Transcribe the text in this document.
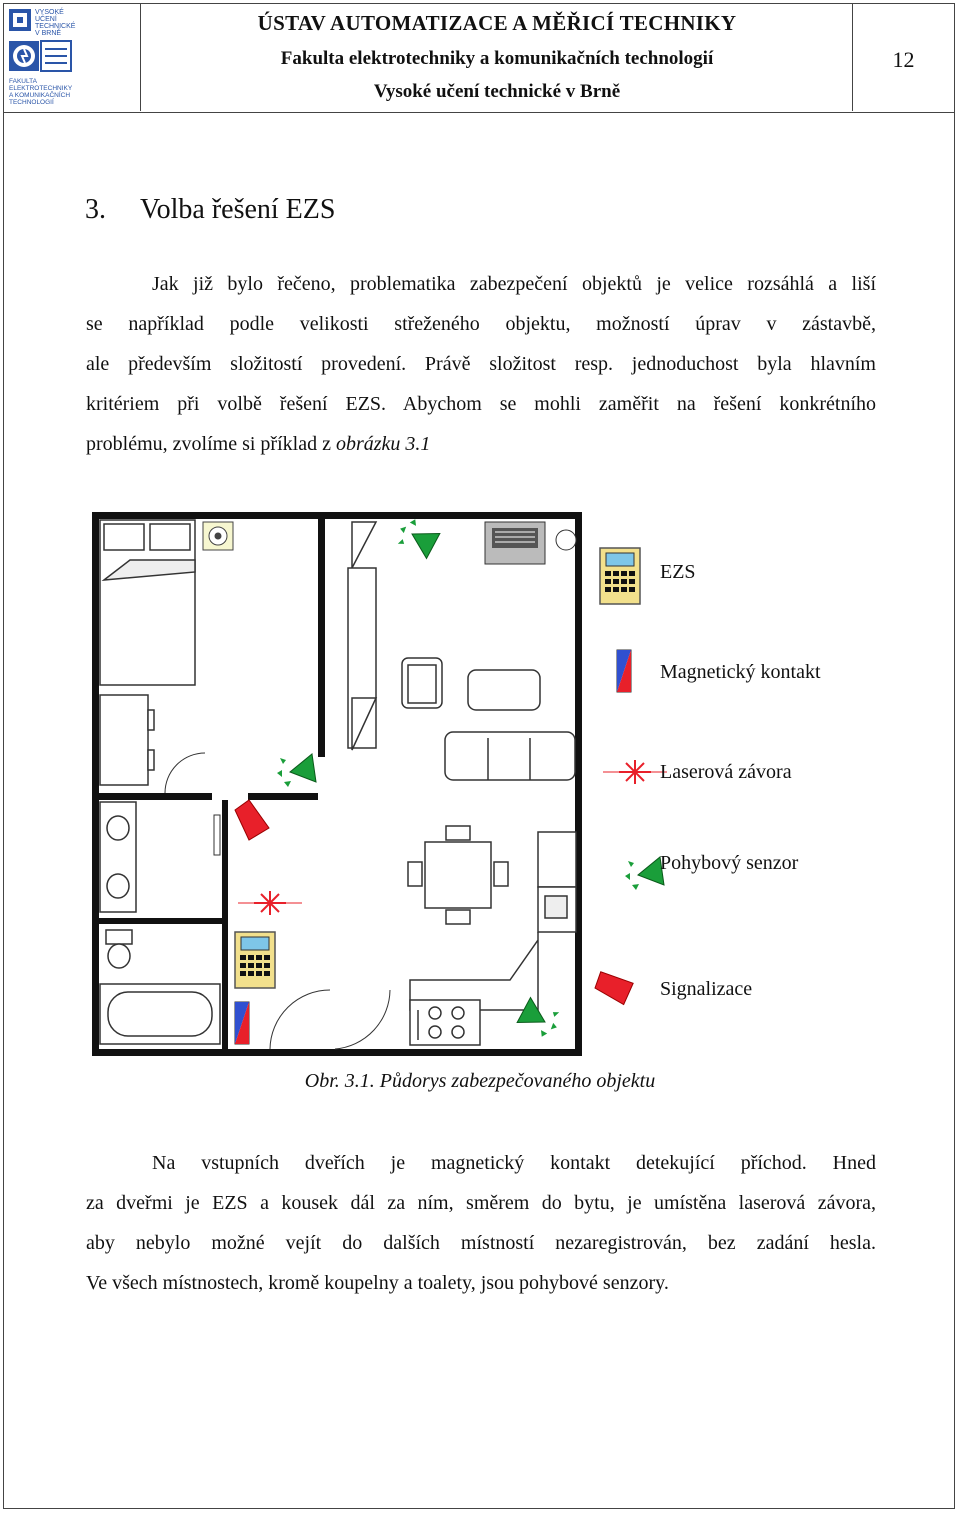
VYSOKÉ
UČENÍ
TECHNICKÉ
V BRNĚ
FAKULTA
ELEKTROTECHNIKY
A KOMUNIKAČNÍCH
TECHNOLOGIÍ
ÚSTAV AUTOMATIZACE A MĚŘICÍ TECHNIKY
Fakulta elektrotechniky a komunikačních technologií
Vysoké učení technické v Brně
12
3. Volba řešení EZS
Jak již bylo řečeno, problematika zabezpečení objektů je velice rozsáhlá a liší
se například podle velikosti střeženého objektu, možností úprav v zástavbě,
ale především složitostí provedení. Právě složitost resp. jednoduchost byla hlavním
kritériem při volbě řešení EZS. Abychom se mohli zaměřit na řešení konkrétního
problému, zvolíme si příklad z obrázku 3.1
EZS
Magnetický kontakt
Laserová závora
Pohybový senzor
Signalizace
Obr. 3.1. Půdorys zabezpečovaného objektu
Na vstupních dveřích je magnetický kontakt detekující příchod. Hned
za dveřmi je EZS a kousek dál za ním, směrem do bytu, je umístěna laserová závora,
aby nebylo možné vejít do dalších místností nezaregistrován, bez zadání hesla.
Ve všech místnostech, kromě koupelny a toalety, jsou pohybové senzory.
